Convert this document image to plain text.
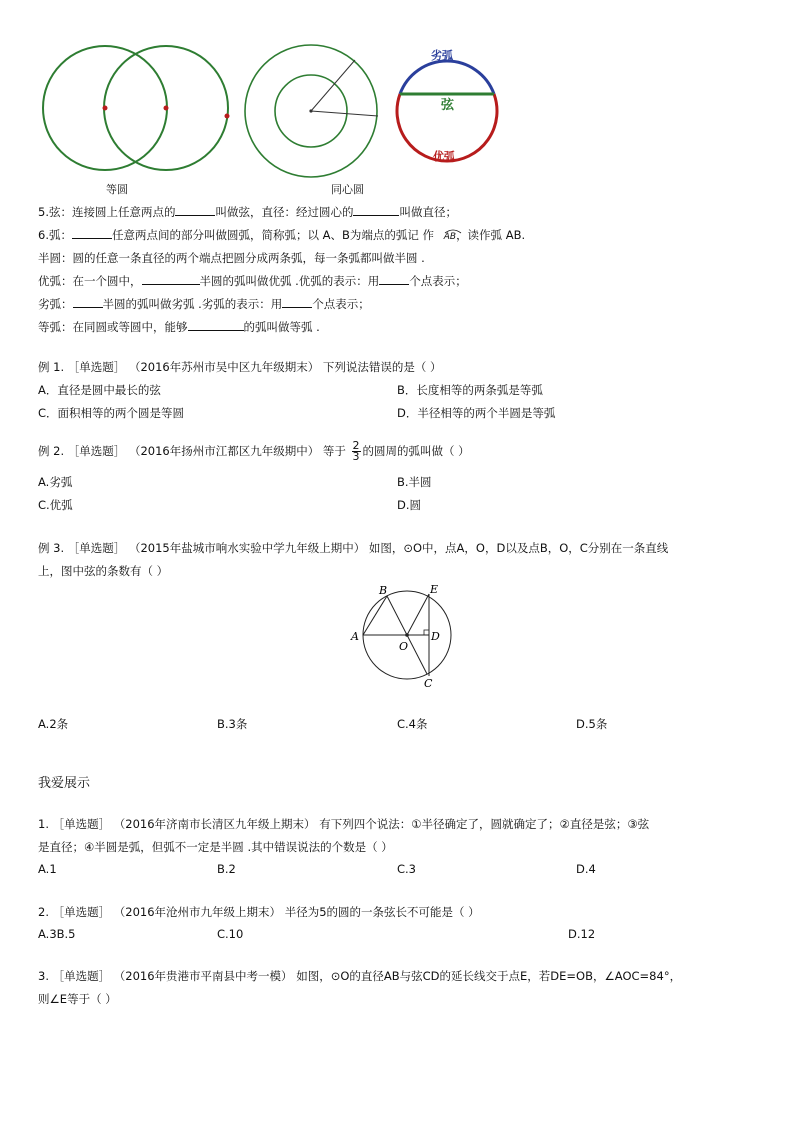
等圆	同心圆
劣弧
弦
优弧
5.弦：连接圆上任意两点的	叫做弦，直径：经过圆心的	叫做直径；
6.弧：	任意两点间的部分叫做圆弧，简称弧；以 A、B为端点的弧记 作 AB，读作弧 AB.
半圆：圆的任意一条直径的两个端点把圆分成两条弧，每一条弧都叫做半圆 .
优弧：在一个圆中，	半圆的弧叫做优弧 .优弧的表示：用	个点表示；
劣弧：	半圆的弧叫做劣弧 .劣弧的表示：用	个点表示；
等弧：在同圆或等圆中，能够	的弧叫做等弧 .
例 1. ［单选题］ （2016年苏州市吴中区九年级期末） 下列说法错误的是（ ）
A．直径是圆中最长的弦	B．长度相等的两条弧是等弧
C．面积相等的两个圆是等圆	D．半径相等的两个半圆是等弧
例 2. ［单选题］ （2016年扬州市江都区九年级期中） 等于 $\frac{2}{3}$ 的圆周的弧叫做（ ）
A.劣弧	B.半圆
C.优弧	D.圆
例 3. ［单选题］ （2015年盐城市响水实验中学九年级上期中） 如图，⊙O中，点A，O，D以及点B，O，C分别在一条直线
上，图中弦的条数有（ ）
A
B	E
D
O
C
A.2条	B.3条	C.4条	D.5条
我爱展示
1. ［单选题］ （2016年济南市长清区九年级上期末） 有下列四个说法：①半径确定了，圆就确定了；②直径是弦；③弦
是直径；④半圆是弧，但弧不一定是半圆 .其中错误说法的个数是（ ）
A.1	B.2	C.3	D.4
2. ［单选题］ （2016年沧州市九年级上期末） 半径为5的圆的一条弦长不可能是（ ）
A.3B.5	C.10	D.12
3. ［单选题］ （2016年贵港市平南县中考一模） 如图，⊙O的直径AB与弦CD的延长线交于点E，若DE=OB，∠AOC=84°，
则∠E等于（ ）
